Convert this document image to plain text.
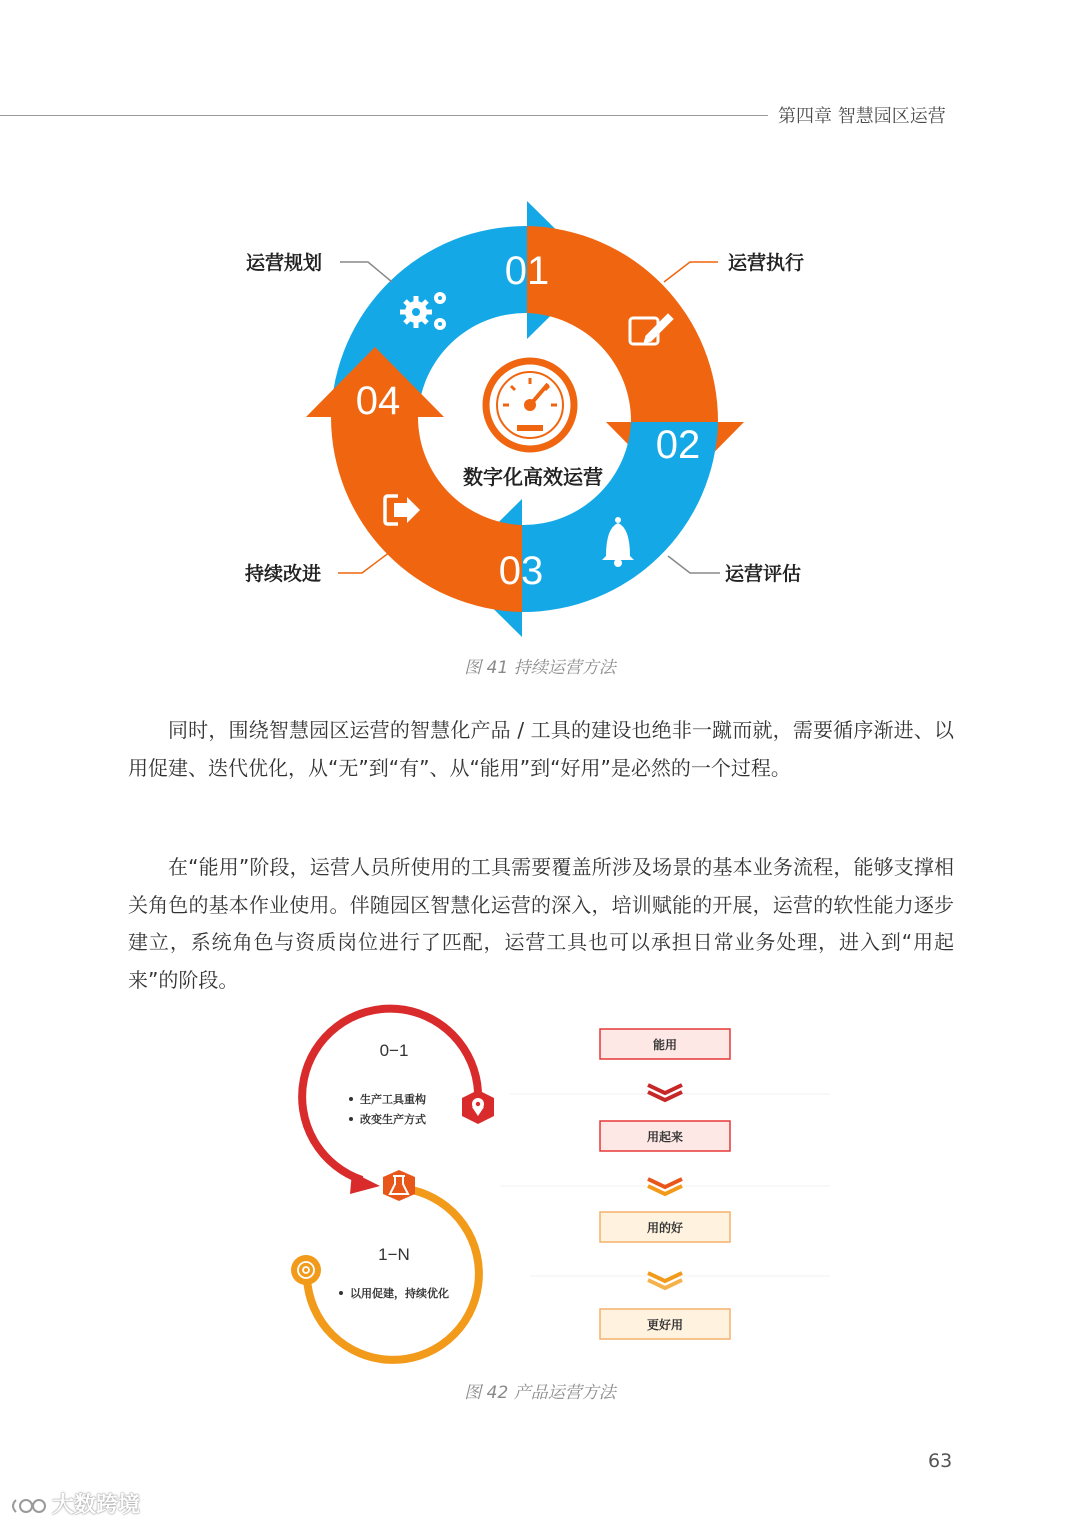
第四章 智慧园区运营
01
02
03
04
数字化高效运营
运营规划	运营执行
运营评估
持续改进
0−1
生产工具重构
改变生产方式
1−N
以用促建，持续优化
能用
用起来
用的好
更好用
图 41 持续运营方法

同时，围绕智慧园区运营的智慧化产品 / 工具的建设也绝非一蹴而就，需要循序渐进、以用促建、迭代优化，从“无”到“有”、从“能用”到“好用”是必然的一个过程。

在“能用”阶段，运营人员所使用的工具需要覆盖所涉及场景的基本业务流程，能够支撑相关角色的基本作业使用。伴随园区智慧化运营的深入，培训赋能的开展，运营的软性能力逐步建立，系统角色与资质岗位进行了匹配，运营工具也可以承担日常业务处理，进入到“用起来”的阶段。

图 42 产品运营方法
63
大数跨境
